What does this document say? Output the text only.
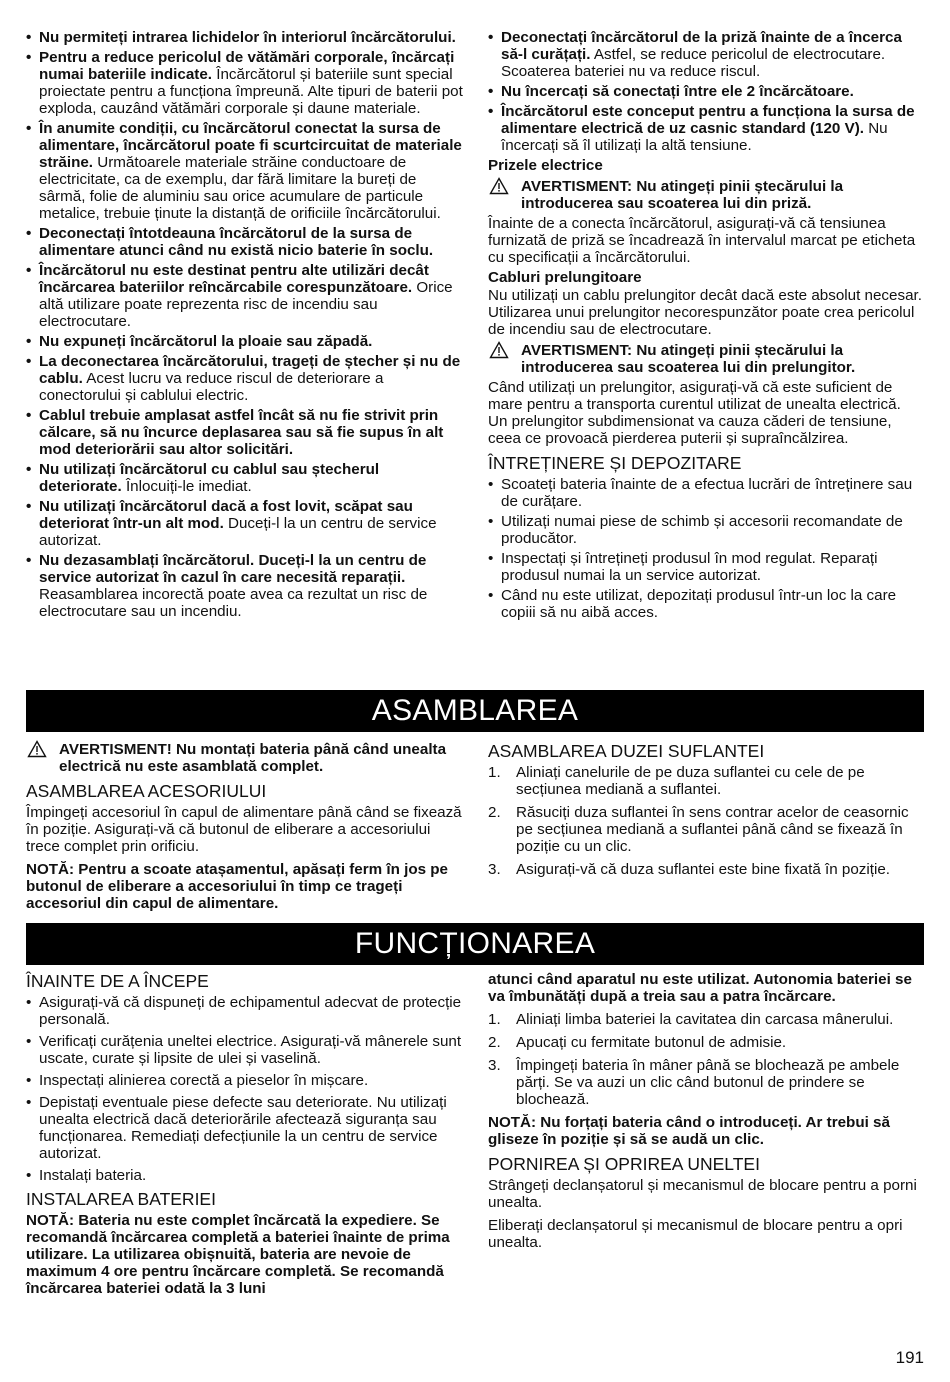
• Nu permiteți intrarea lichidelor în interiorul încărcătorului.
• Pentru a reduce pericolul de vătămări corporale, încărcați numai bateriile indicate. Încărcătorul și bateriile sunt special proiectate pentru a funcționa împreună. Alte tipuri de baterii pot exploda, cauzând vătămări corporale și daune materiale.
• În anumite condiții, cu încărcătorul conectat la sursa de alimentare, încărcătorul poate fi scurtcircuitat de materiale străine. Următoarele materiale străine conductoare de electricitate, ca de exemplu, dar fără limitare la bureți de sârmă, folie de aluminiu sau orice acumulare de particule metalice, trebuie ținute la distanță de orificiile încărcătorului.
• Deconectați întotdeauna încărcătorul de la sursa de alimentare atunci când nu există nicio baterie în soclu.
• Încărcătorul nu este destinat pentru alte utilizări decât încărcarea bateriilor reîncărcabile corespunzătoare. Orice altă utilizare poate reprezenta risc de incendiu sau electrocutare.
• Nu expuneți încărcătorul la ploaie sau zăpadă.
• La deconectarea încărcătorului, trageți de ștecher și nu de cablu. Acest lucru va reduce riscul de deteriorare a conectorului și cablului electric.
• Cablul trebuie amplasat astfel încât să nu fie strivit prin călcare, să nu încurce deplasarea sau să fie supus în alt mod deteriorării sau altor solicitări.
• Nu utilizați încărcătorul cu cablul sau ștecherul deteriorate. Înlocuiți-le imediat.
• Nu utilizați încărcătorul dacă a fost lovit, scăpat sau deteriorat într-un alt mod. Duceți-l la un centru de service autorizat.
• Nu dezasamblați încărcătorul. Duceți-l la un centru de service autorizat în cazul în care necesită reparații. Reasamblarea incorectă poate avea ca rezultat un risc de electrocutare sau un incendiu.
• Deconectați încărcătorul de la priză înainte de a încerca să-l curățați. Astfel, se reduce pericolul de electrocutare. Scoaterea bateriei nu va reduce riscul.
• Nu încercați să conectați între ele 2 încărcătoare.
• Încărcătorul este conceput pentru a funcționa la sursa de alimentare electrică de uz casnic standard (120 V). Nu încercați să îl utilizați la altă tensiune.
Prizele electrice
AVERTISMENT: Nu atingeți pinii ștecărului la introducerea sau scoaterea lui din priză.

Înainte de a conecta încărcătorul, asigurați-vă că tensiunea furnizată de priză se încadrează în intervalul marcat pe eticheta cu specificații a încărcătorului.

Cabluri prelungitoare

Nu utilizați un cablu prelungitor decât dacă este absolut necesar. Utilizarea unui prelungitor necorespunzător poate crea pericolul de incendiu sau de electrocutare.

AVERTISMENT: Nu atingeți pinii ștecărului la introducerea sau scoaterea lui din prelungitor.

Când utilizați un prelungitor, asigurați-vă că este suficient de mare pentru a transporta curentul utilizat de unealta electrică. Un prelungitor subdimensionat va cauza căderi de tensiune, ceea ce provoacă pierderea puterii și supraîncălzirea.

ÎNTREȚINERE ȘI DEPOZITARE
• Scoateți bateria înainte de a efectua lucrări de întreținere sau de curățare.
• Utilizați numai piese de schimb și accesorii recomandate de producător.
• Inspectați și întrețineți produsul în mod regulat. Reparați produsul numai la un service autorizat.
• Când nu este utilizat, depozitați produsul într-un loc la care copiii să nu aibă acces.
ASAMBLAREA
AVERTISMENT! Nu montați bateria până când unealta electrică nu este asamblată complet.
ASAMBLAREA ACESORIULUI

Împingeți accesoriul în capul de alimentare până când se fixează în poziție. Asigurați-vă că butonul de eliberare a accesoriului trece complet prin orificiu.

NOTĂ: Pentru a scoate atașamentul, apăsați ferm în jos pe butonul de eliberare a accesoriului în timp ce trageți accesoriul din capul de alimentare.

ASAMBLAREA DUZEI SUFLANTEI
1. Aliniați canelurile de pe duza suflantei cu cele de pe secțiunea mediană a suflantei.
2. Răsuciți duza suflantei în sens contrar acelor de ceasornic pe secțiunea mediană a suflantei până când se fixează în poziție cu un clic.
3. Asigurați-vă că duza suflantei este bine fixată în poziție.
FUNCȚIONAREA
ÎNAINTE DE A ÎNCEPE
• Asigurați-vă că dispuneți de echipamentul adecvat de protecție personală.
• Verificați curățenia uneltei electrice. Asigurați-vă mânerele sunt uscate, curate și lipsite de ulei și vaselină.
• Inspectați alinierea corectă a pieselor în mișcare.
• Depistați eventuale piese defecte sau deteriorate. Nu utilizați unealta electrică dacă deteriorările afectează siguranța sau funcționarea. Remediați defecțiunile la un centru de service autorizat.
• Instalați bateria.
INSTALAREA BATERIEI

NOTĂ: Bateria nu este complet încărcată la expediere. Se recomandă încărcarea completă a bateriei înainte de prima utilizare. La utilizarea obișnuită, bateria are nevoie de maximum 4 ore pentru încărcare completă. Se recomandă încărcarea bateriei odată la 3 luni

atunci când aparatul nu este utilizat. Autonomia bateriei se va îmbunătăți după a treia sau a patra încărcare.

1. Aliniați limba bateriei la cavitatea din carcasa mânerului.
2. Apucați cu fermitate butonul de admisie.
3. Împingeți bateria în mâner până se blochează pe ambele părți. Se va auzi un clic când butonul de prindere se blochează.

NOTĂ: Nu forțați bateria când o introduceți. Ar trebui să gliseze în poziție și să se audă un clic.

PORNIREA ȘI OPRIREA UNELTEI

Strângeți declanșatorul și mecanismul de blocare pentru a porni unealta.

Eliberați declanșatorul și mecanismul de blocare pentru a opri unealta.

191
